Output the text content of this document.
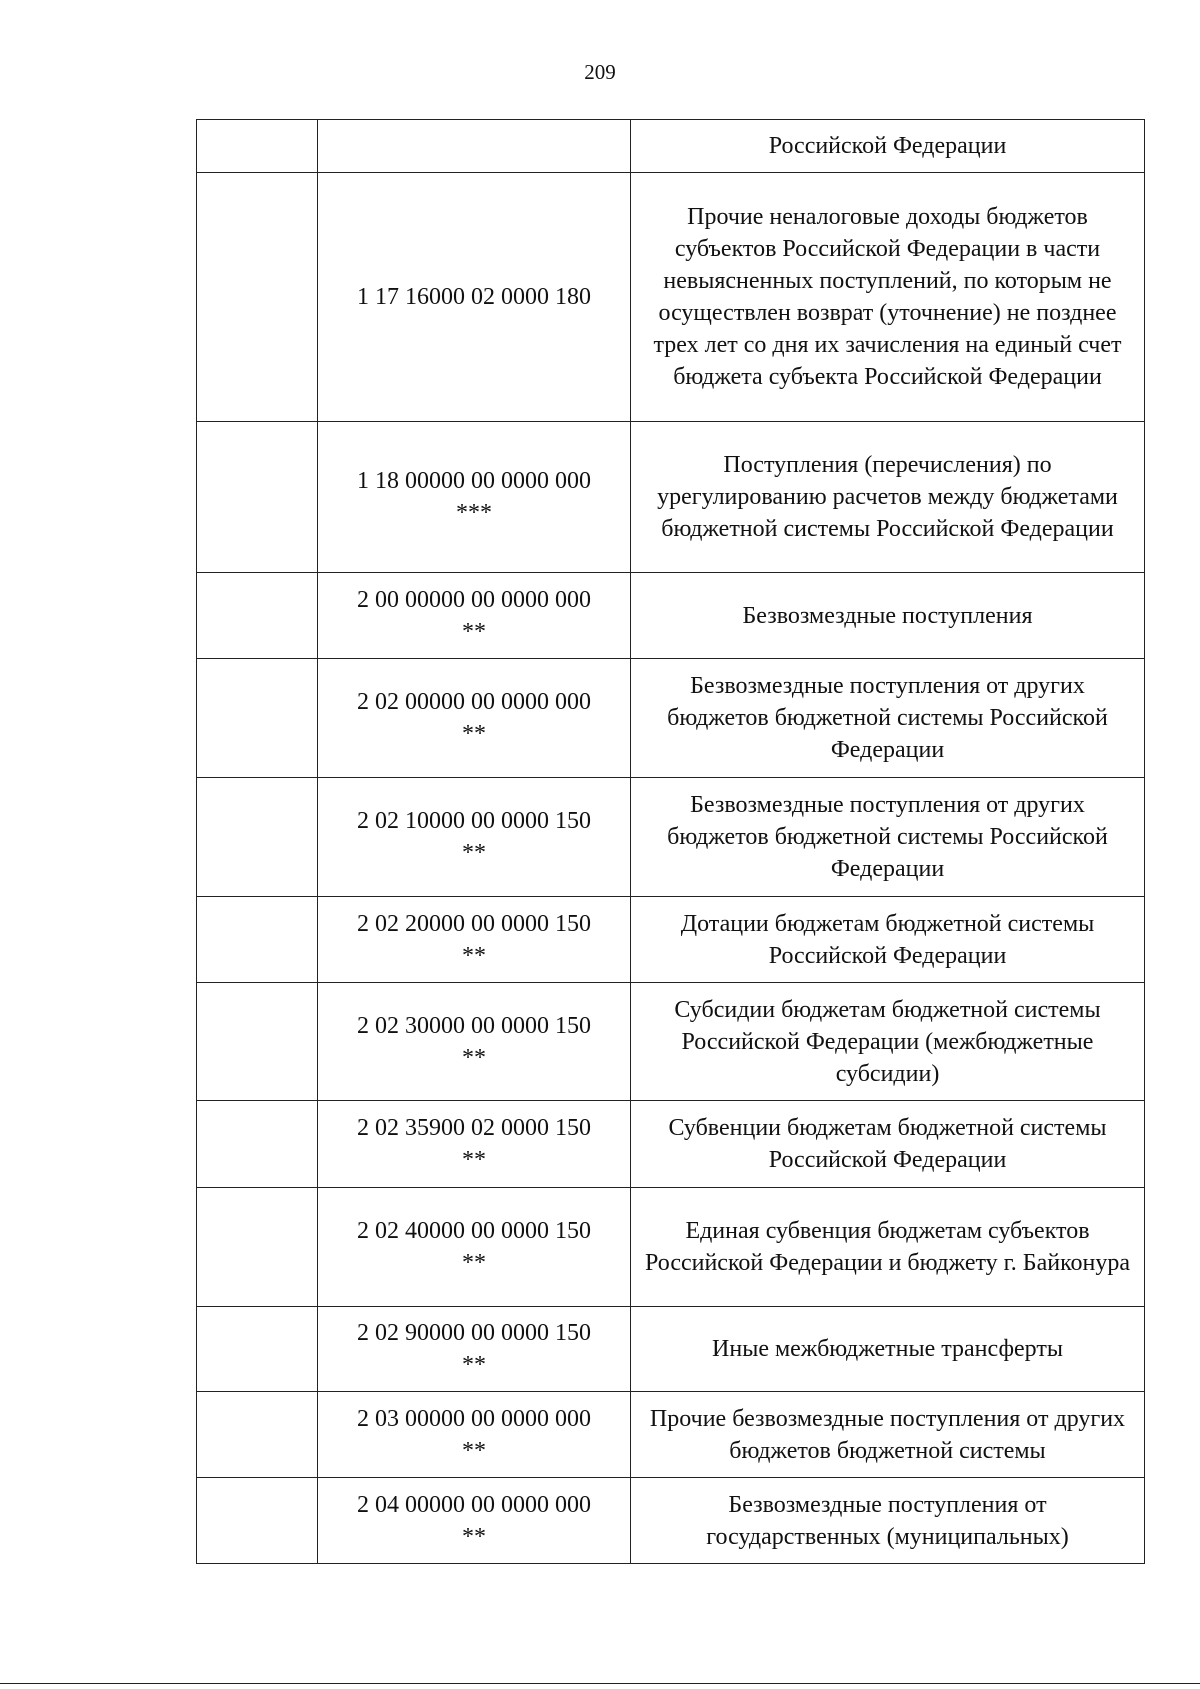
209

	Российской Федерации

	1 17 16000 02 0000 180	Прочие неналоговые доходы бюджетов субъектов Российской Федерации в части невыясненных поступлений, по которым не осуществлен возврат (уточнение) не позднее трех лет со дня их зачисления на единый счет бюджета субъекта Российской Федерации

	1 18 00000 00 0000 000
***	Поступления (перечисления) по урегулированию расчетов между бюджетами бюджетной системы Российской Федерации

	2 00 00000 00 0000 000
**	Безвозмездные поступления

	2 02 00000 00 0000 000
**	Безвозмездные поступления от других бюджетов бюджетной системы Российской Федерации

	2 02 10000 00 0000 150
**	Безвозмездные поступления от других бюджетов бюджетной системы Российской Федерации

	2 02 20000 00 0000 150
**	Дотации бюджетам бюджетной системы Российской Федерации

	2 02 30000 00 0000 150
**	Субсидии бюджетам бюджетной системы Российской Федерации (межбюджетные субсидии)

	2 02 35900 02 0000 150
**	Субвенции бюджетам бюджетной системы Российской Федерации

	2 02 40000 00 0000 150
**	Единая субвенция бюджетам субъектов Российской Федерации и бюджету г. Байконура

	2 02 90000 00 0000 150
**	Иные межбюджетные трансферты

	2 03 00000 00 0000 000
**	Прочие безвозмездные поступления от других бюджетов бюджетной системы

	2 04 00000 00 0000 000
**	Безвозмездные поступления от государственных (муниципальных)
